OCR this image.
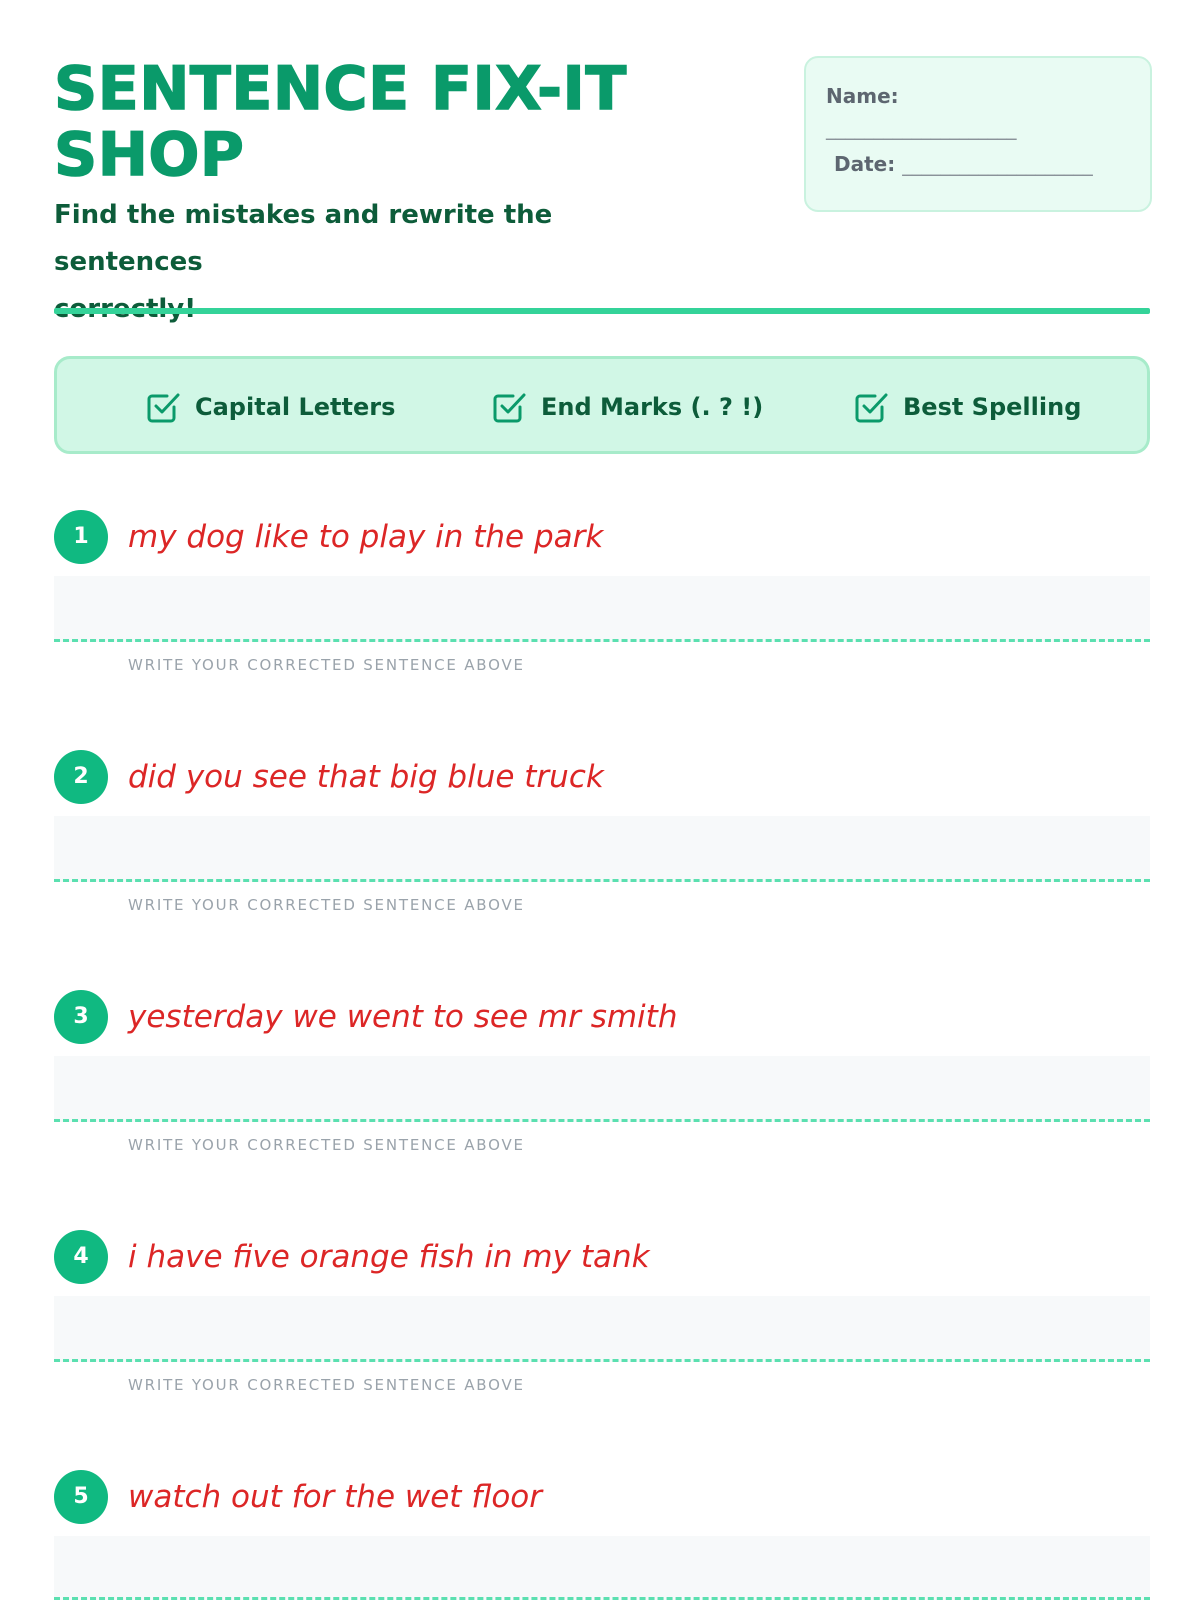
SENTENCE FIX-IT
SHOP
Find the mistakes and rewrite the sentences

Name:
____________________
Date: ____________________
Capital Letters	End Marks (. ? !)	Best Spelling
1	my dog like to play in the park
WRITE YOUR CORRECTED SENTENCE ABOVE
2	did you see that big blue truck
WRITE YOUR CORRECTED SENTENCE ABOVE
3	yesterday we went to see mr smith
WRITE YOUR CORRECTED SENTENCE ABOVE
4	i have five orange fish in my tank
WRITE YOUR CORRECTED SENTENCE ABOVE
5	watch out for the wet floor
